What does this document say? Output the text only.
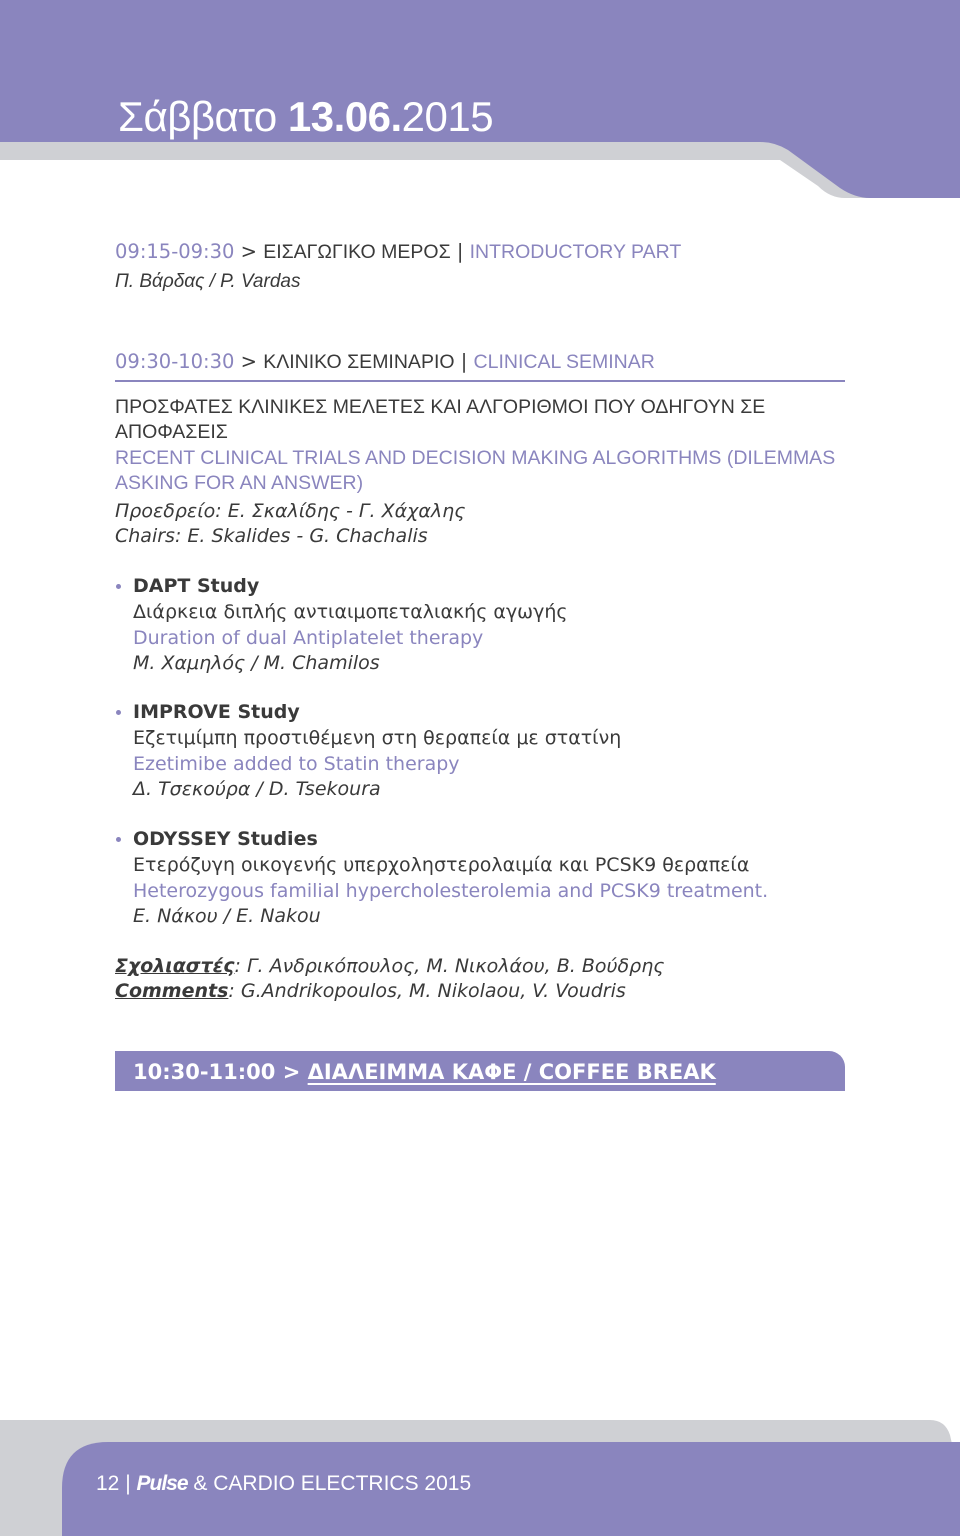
Σάββατο 13.06.2015
09:15-09:30 > ΕΙΣΑΓΩΓΙΚΟ ΜΕΡΟΣ | INTRODUCTORY PART
Π. Βάρδας / P. Vardas
09:30-10:30 > ΚΛΙΝΙΚΟ ΣΕΜΙΝΑΡΙΟ | CLINICAL SEMINAR
ΠΡΟΣΦΑΤΕΣ ΚΛΙΝΙΚΕΣ ΜΕΛΕΤΕΣ ΚΑΙ ΑΛΓΟΡΙΘΜΟΙ ΠΟΥ ΟΔΗΓΟΥΝ ΣΕ
ΑΠΟΦΑΣΕΙΣ
RECENT CLINICAL TRIALS AND DECISION MAKING ALGORITHMS (DILEMMAS
ASKING FOR AN ANSWER)
Προεδρείο: Ε. Σκαλίδης - Γ. Χάχαλης
Chairs: E. Skalides - G. Chachalis
DAPT Study
Διάρκεια διπλής αντιαιμοπεταλιακής αγωγής
Duration of dual Antiplatelet therapy
Μ. Χαμηλός / M. Chamilos
IMPROVE Study
Εζετιμίμπη προστιθέμενη στη θεραπεία με στατίνη
Ezetimibe added to Statin therapy
Δ. Τσεκούρα / D. Tsekoura
ODYSSEY Studies
Ετερόζυγη οικογενής υπερχοληστερολαιμία και PCSK9 θεραπεία
Heterozygous familial hypercholesterolemia and PCSK9 treatment.
Ε. Νάκου / E. Nakou
Σχολιαστές: Γ. Ανδρικόπουλος, Μ. Νικολάου, Β. Βούδρης
Comments: G.Andrikopoulos, M. Nikolaou, V. Voudris
10:30-11:00 > ΔΙΑΛΕΙΜΜΑ ΚΑΦΕ / COFFEE BREAK
12 | Pulse & CARDIO ELECTRICS 2015
